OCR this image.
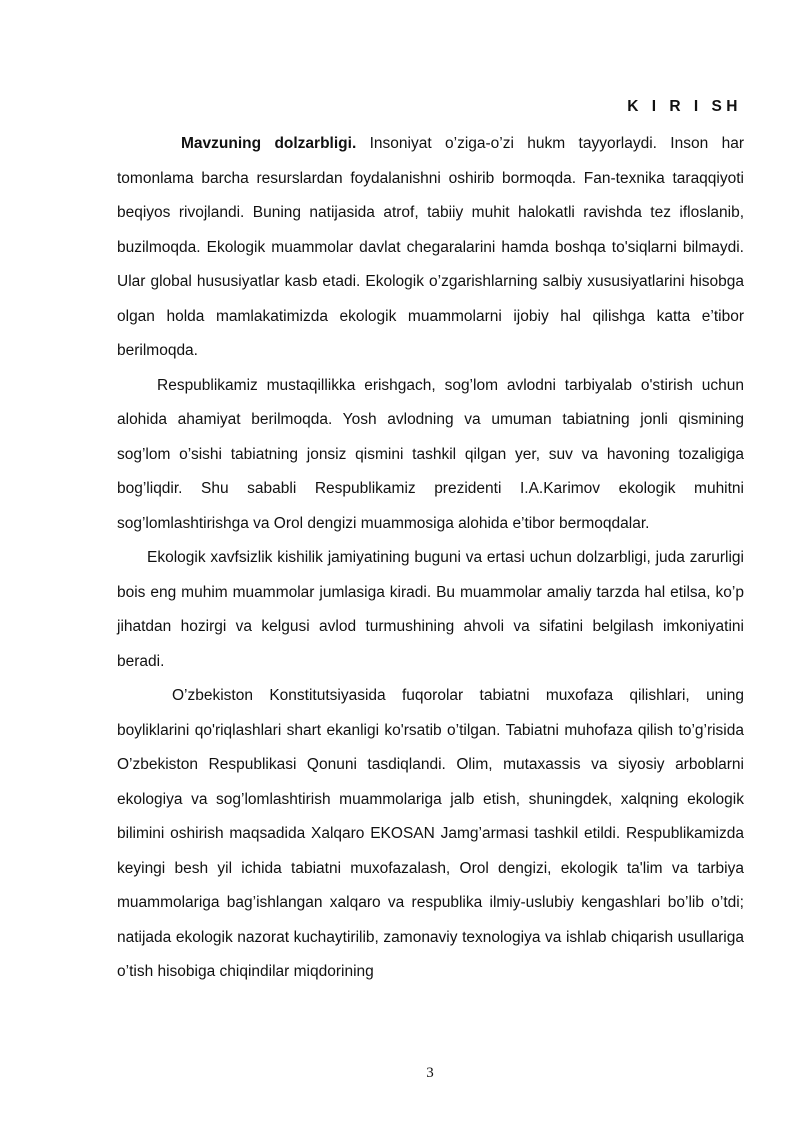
K I R I SH

Mavzuning dolzarbligi. Insoniyat o’ziga-o’zi hukm tayyorlaydi. Inson har tomonlama barcha resurslardan foydalanishni oshirib bormoqda. Fan-texnika taraqqiyoti beqiyos rivojlandi. Buning natijasida atrof, tabiiy muhit halokatli ravishda tez ifloslanib, buzilmoqda. Ekologik muammolar davlat chegaralarini hamda boshqa to'siqlarni bilmaydi. Ular global hususiyatlar kasb etadi. Ekologik o’zgarishlarning salbiy xususiyatlarini hisobga olgan holda mamlakatimizda ekologik muammolarni ijobiy hal qilishga katta e’tibor berilmoqda.

Respublikamiz mustaqillikka erishgach, sog’lom avlodni tarbiyalab o'stirish uchun alohida ahamiyat berilmoqda. Yosh avlodning va umuman tabiatning jonli qismining sog’lom o’sishi tabiatning jonsiz qismini tashkil qilgan yer, suv va havoning tozaligiga bog’liqdir. Shu sababli Respublikamiz prezidenti I.A.Karimov ekologik muhitni sog’lomlashtirishga va Orol dengizi muammosiga alohida e’tibor bermoqdalar.

Ekologik xavfsizlik kishilik jamiyatining buguni va ertasi uchun dolzarbligi, juda zarurligi bois eng muhim muammolar jumlasiga kiradi. Bu muammolar amaliy tarzda hal etilsa, ko’p jihatdan hozirgi va kelgusi avlod turmushining ahvoli va sifatini belgilash imkoniyatini beradi.

O’zbekiston Konstitutsiyasida fuqorolar tabiatni muxofaza qilishlari, uning boyliklarini qo'riqlashlari shart ekanligi ko'rsatib o’tilgan. Tabiatni muhofaza qilish to’g’risida O’zbekiston Respublikasi Qonuni tasdiqlandi. Olim, mutaxassis va siyosiy arboblarni ekologiya va sog’lomlashtirish muammolariga jalb etish, shuningdek, xalqning ekologik bilimini oshirish maqsadida Xalqaro EKOSAN Jamg’armasi tashkil etildi. Respublikamizda keyingi besh yil ichida tabiatni muxofazalash, Orol dengizi, ekologik ta'lim va tarbiya muammolariga bag’ishlangan xalqaro va respublika ilmiy-uslubiy kengashlari bo’lib o’tdi; natijada ekologik nazorat kuchaytirilib, zamonaviy texnologiya va ishlab chiqarish usullariga o’tish hisobiga chiqindilar miqdorining

3
